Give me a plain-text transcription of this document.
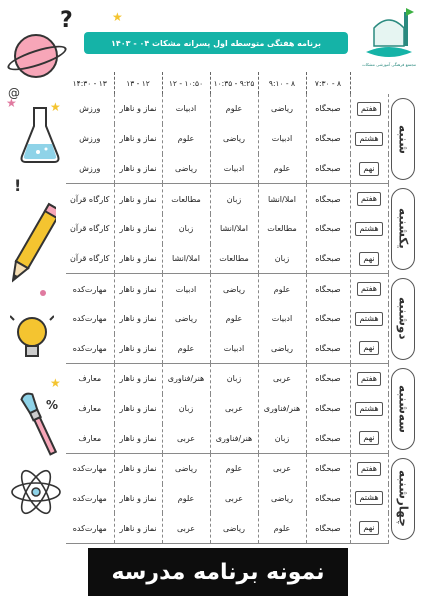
?	★
★	★
@
!
%
★
برنامه هفتگی متوسطه اول پسرانه مشکات ۰۴ - ۱۴۰۳
مجتمع فرهنگی آموزشی مشکات
		۸ - ۷:۳۰	۸ - ۹:۱۰	۹:۲۵ - ۱۰:۳۵	۱۰:۵۰ - ۱۲	۱۲ - ۱۳	۱۳ - ۱۴:۳۰

شنبه	هفتم	صبحگاه	ریاضی	علوم	ادبیات	نماز و ناهار	ورزش
	هشتم	صبحگاه	ادبیات	ریاضی	علوم	نماز و ناهار	ورزش
	نهم	صبحگاه	علوم	ادبیات	ریاضی	نماز و ناهار	ورزش

یکشنبه	هفتم	صبحگاه	املا/انشا	زبان	مطالعات	نماز و ناهار	کارگاه قرآن
	هشتم	صبحگاه	مطالعات	املا/انشا	زبان	نماز و ناهار	کارگاه قرآن
	نهم	صبحگاه	زبان	مطالعات	املا/انشا	نماز و ناهار	کارگاه قرآن

دوشنبه	هفتم	صبحگاه	علوم	ریاضی	ادبیات	نماز و ناهار	مهارت‌کده
	هشتم	صبحگاه	ادبیات	علوم	ریاضی	نماز و ناهار	مهارت‌کده
	نهم	صبحگاه	ریاضی	ادبیات	علوم	نماز و ناهار	مهارت‌کده

سه‌شنبه	هفتم	صبحگاه	عربی	زبان	هنر/فناوری	نماز و ناهار	معارف
	هشتم	صبحگاه	هنر/فناوری	عربی	زبان	نماز و ناهار	معارف
	نهم	صبحگاه	زبان	هنر/فناوری	عربی	نماز و ناهار	معارف

چهارشنبه	هفتم	صبحگاه	عربی	علوم	ریاضی	نماز و ناهار	مهارت‌کده
	هشتم	صبحگاه	ریاضی	عربی	علوم	نماز و ناهار	مهارت‌کده
	نهم	صبحگاه	علوم	ریاضی	عربی	نماز و ناهار	مهارت‌کده
نمونه برنامه مدرسه
